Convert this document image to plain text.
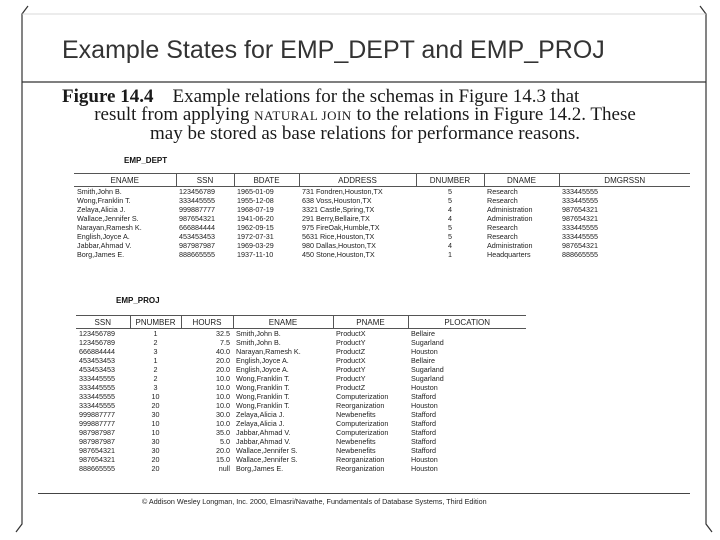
Example States for EMP_DEPT and EMP_PROJ
Figure 14.4 Example relations for the schemas in Figure 14.3 that
result from applying NATURAL JOIN to the relations in Figure 14.2. These
may be stored as base relations for performance reasons.
EMP_DEPT
ENAME	SSN	BDATE	ADDRESS	DNUMBER	DNAME	DMGRSSN
Smith,John B.	123456789	1965-01-09	731 Fondren,Houston,TX	5	Research	333445555
Wong,Franklin T.	333445555	1955-12-08	638 Voss,Houston,TX	5	Research	333445555
Zelaya,Alicia J.	999887777	1968-07-19	3321 Castle,Spring,TX	4	Administration	987654321
Wallace,Jennifer S.	987654321	1941-06-20	291 Berry,Bellaire,TX	4	Administration	987654321
Narayan,Ramesh K.	666884444	1962-09-15	975 FireOak,Humble,TX	5	Research	333445555
English,Joyce A.	453453453	1972-07-31	5631 Rice,Houston,TX	5	Research	333445555
Jabbar,Ahmad V.	987987987	1969-03-29	980 Dallas,Houston,TX	4	Administration	987654321
Borg,James E.	888665555	1937-11-10	450 Stone,Houston,TX	1	Headquarters	888665555
EMP_PROJ
SSN	PNUMBER	HOURS	ENAME	PNAME	PLOCATION
123456789	1	32.5	Smith,John B.	ProductX	Bellaire
123456789	2	7.5	Smith,John B.	ProductY	Sugarland
666884444	3	40.0	Narayan,Ramesh K.	ProductZ	Houston
453453453	1	20.0	English,Joyce A.	ProductX	Bellaire
453453453	2	20.0	English,Joyce A.	ProductY	Sugarland
333445555	2	10.0	Wong,Franklin T.	ProductY	Sugarland
333445555	3	10.0	Wong,Franklin T.	ProductZ	Houston
333445555	10	10.0	Wong,Franklin T.	Computerization	Stafford
333445555	20	10.0	Wong,Franklin T.	Reorganization	Houston
999887777	30	30.0	Zelaya,Alicia J.	Newbenefits	Stafford
999887777	10	10.0	Zelaya,Alicia J.	Computerization	Stafford
987987987	10	35.0	Jabbar,Ahmad V.	Computerization	Stafford
987987987	30	5.0	Jabbar,Ahmad V.	Newbenefits	Stafford
987654321	30	20.0	Wallace,Jennifer S.	Newbenefits	Stafford
987654321	20	15.0	Wallace,Jennifer S.	Reorganization	Houston
888665555	20	null	Borg,James E.	Reorganization	Houston
© Addison Wesley Longman, Inc. 2000, Elmasri/Navathe, Fundamentals of Database Systems, Third Edition
